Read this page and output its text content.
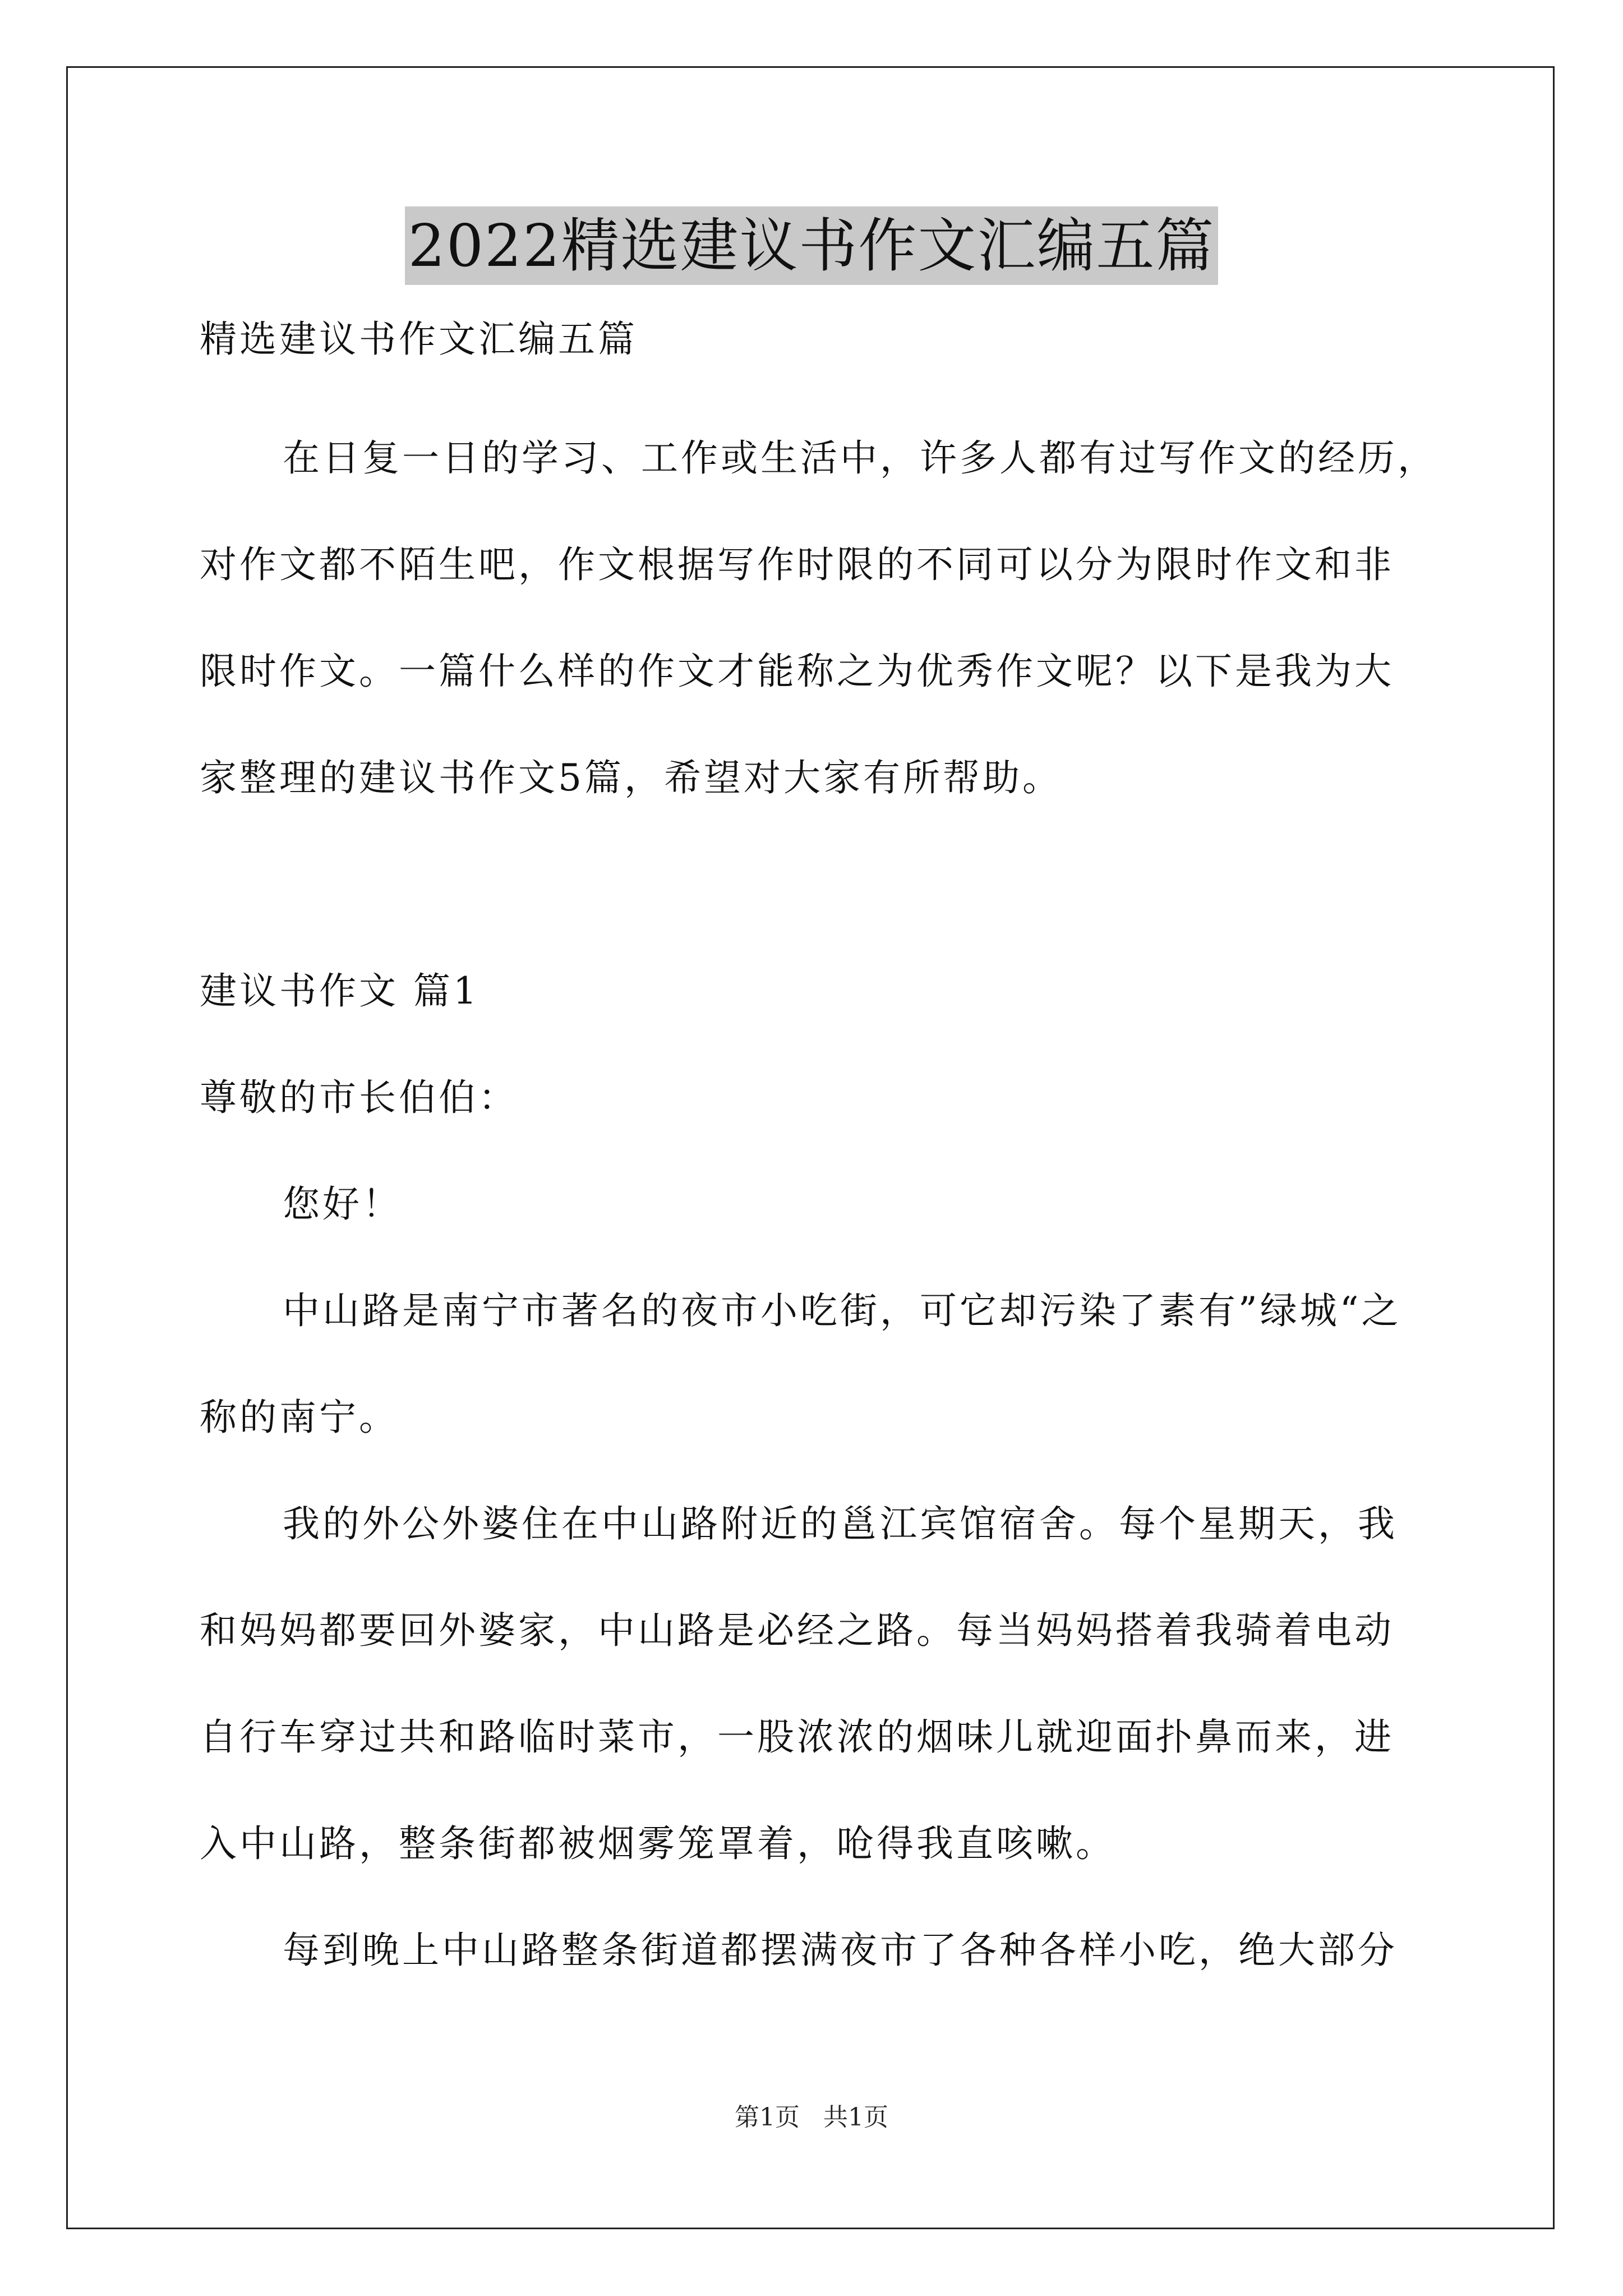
2022精选建议书作文汇编五篇
精选建议书作文汇编五篇
在日复一日的学习、工作或生活中，许多人都有过写作文的经历，
对作文都不陌生吧，作文根据写作时限的不同可以分为限时作文和非
限时作文。一篇什么样的作文才能称之为优秀作文呢？以下是我为大
家整理的建议书作文5篇，希望对大家有所帮助。
建议书作文 篇1
尊敬的市长伯伯：
您好！
中山路是南宁市著名的夜市小吃街，可它却污染了素有”绿城“之
称的南宁。
我的外公外婆住在中山路附近的邕江宾馆宿舍。每个星期天，我
和妈妈都要回外婆家，中山路是必经之路。每当妈妈搭着我骑着电动
自行车穿过共和路临时菜市，一股浓浓的烟味儿就迎面扑鼻而来，进
入中山路，整条街都被烟雾笼罩着，呛得我直咳嗽。
每到晚上中山路整条街道都摆满夜市了各种各样小吃，绝大部分
第1页   共1页
